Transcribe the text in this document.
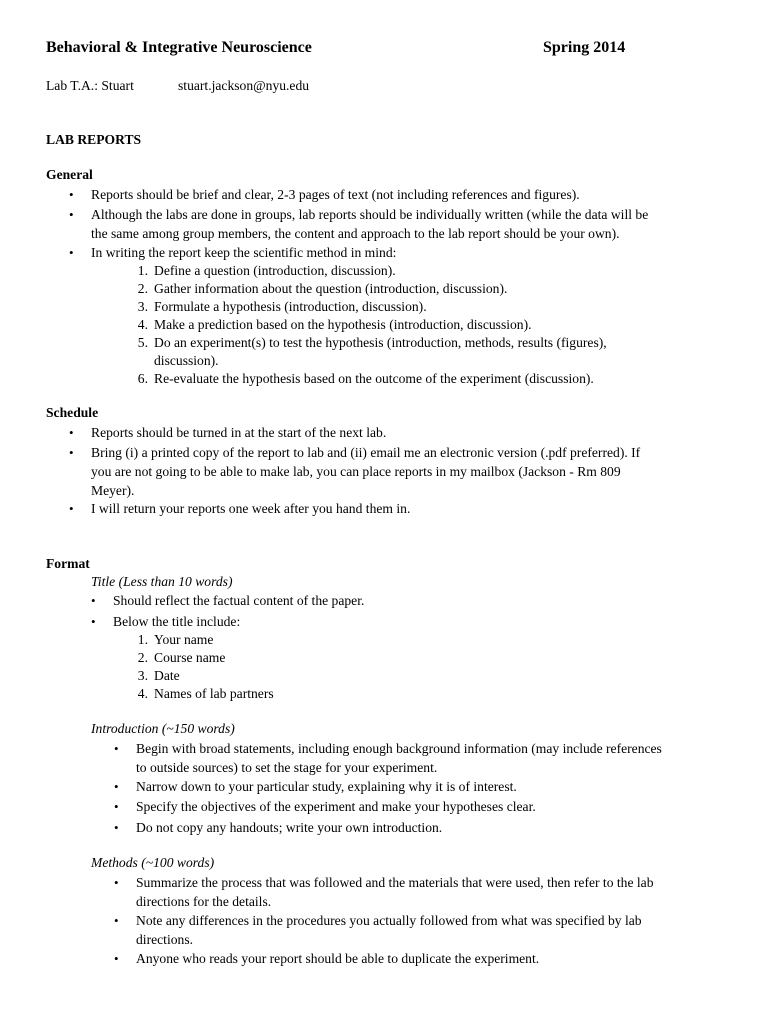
Behavioral & Integrative Neuroscience	Spring 2014
Lab T.A.: Stuart	stuart.jackson@nyu.edu
LAB REPORTS
General
• Reports should be brief and clear, 2-3 pages of text (not including references and figures).
• Although the labs are done in groups, lab reports should be individually written (while the data will be
the same among group members, the content and approach to the lab report should be your own).
• In writing the report keep the scientific method in mind:
1. Define a question (introduction, discussion).
2. Gather information about the question (introduction, discussion).
3. Formulate a hypothesis (introduction, discussion).
4. Make a prediction based on the hypothesis (introduction, discussion).
5. Do an experiment(s) to test the hypothesis (introduction, methods, results (figures),
discussion).
6. Re-evaluate the hypothesis based on the outcome of the experiment (discussion).
Schedule
• Reports should be turned in at the start of the next lab.
• Bring (i) a printed copy of the report to lab and (ii) email me an electronic version (.pdf preferred). If
you are not going to be able to make lab, you can place reports in my mailbox (Jackson - Rm 809
Meyer).
• I will return your reports one week after you hand them in.
Format
Title (Less than 10 words)
• Should reflect the factual content of the paper.
• Below the title include:
1. Your name
2. Course name
3. Date
4. Names of lab partners
Introduction (~150 words)
• Begin with broad statements, including enough background information (may include references
to outside sources) to set the stage for your experiment.
• Narrow down to your particular study, explaining why it is of interest.
• Specify the objectives of the experiment and make your hypotheses clear.
• Do not copy any handouts; write your own introduction.
Methods (~100 words)
• Summarize the process that was followed and the materials that were used, then refer to the lab
directions for the details.
• Note any differences in the procedures you actually followed from what was specified by lab
directions.
• Anyone who reads your report should be able to duplicate the experiment.
